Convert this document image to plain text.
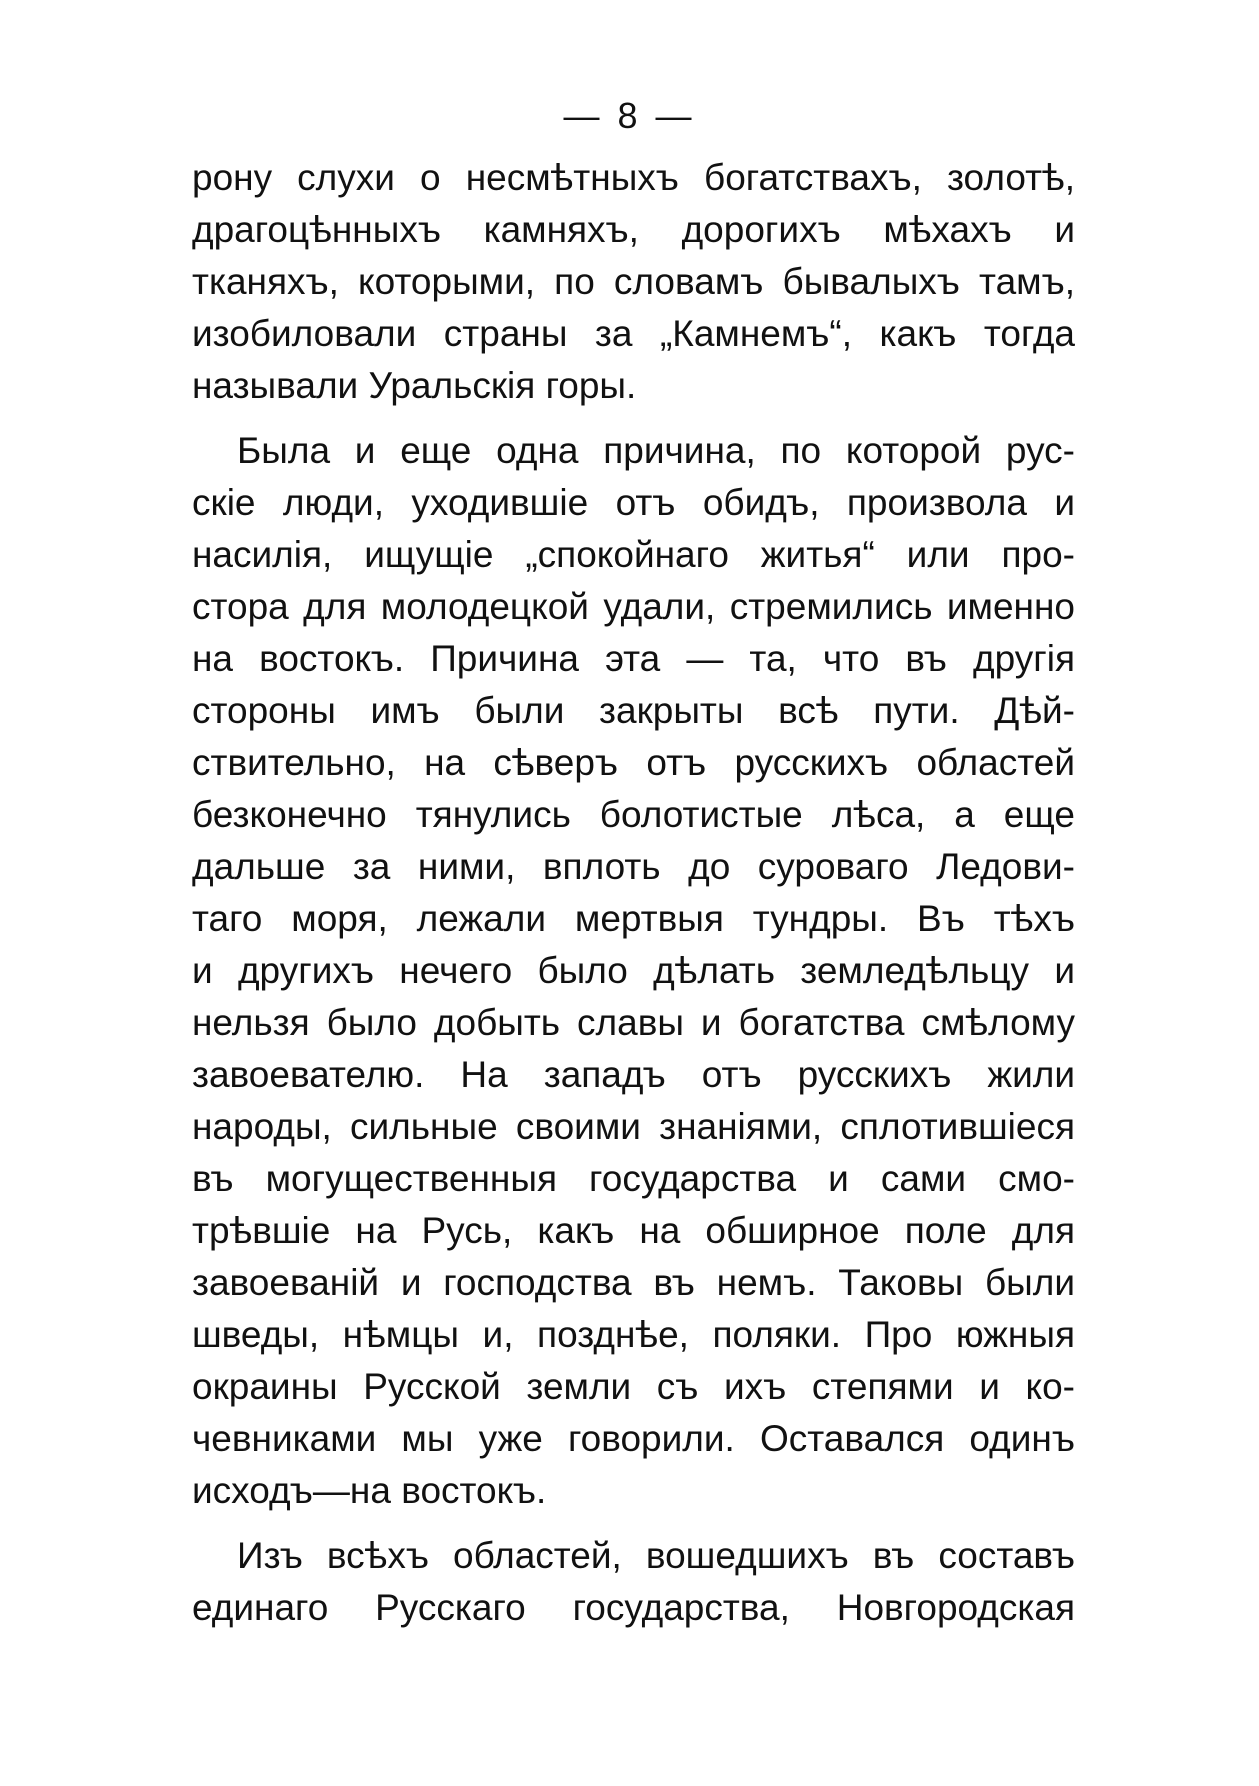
— 8 —
рону слухи о несмѣтныхъ богатствахъ, золотѣ,
драгоцѣнныхъ камняхъ, дорогихъ мѣхахъ и
тканяхъ, которыми, по словамъ бывалыхъ тамъ,
изобиловали страны за „Камнемъ“, какъ тогда
называли Уральскія горы.
Была и еще одна причина, по которой рус-
скіе люди, уходившіе отъ обидъ, произвола и
насилія, ищущіе „спокойнаго житья“ или про-
стора для молодецкой удали, стремились именно
на востокъ. Причина эта — та, что въ другія
стороны имъ были закрыты всѣ пути. Дѣй-
ствительно, на сѣверъ отъ русскихъ областей
безконечно тянулись болотистые лѣса, а еще
дальше за ними, вплоть до суроваго Ледови-
таго моря, лежали мертвыя тундры. Въ тѣхъ
и другихъ нечего было дѣлать земледѣльцу и
нельзя было добыть славы и богатства смѣлому
завоевателю. На западъ отъ русскихъ жили
народы, сильные своими знаніями, сплотившіеся
въ могущественныя государства и сами смо-
трѣвшіе на Русь, какъ на обширное поле для
завоеваній и господства въ немъ. Таковы были
шведы, нѣмцы и, позднѣе, поляки. Про южныя
окраины Русской земли съ ихъ степями и ко-
чевниками мы уже говорили. Оставался одинъ
исходъ—на востокъ.
Изъ всѣхъ областей, вошедшихъ въ составъ
единаго Русскаго государства, Новгородская
